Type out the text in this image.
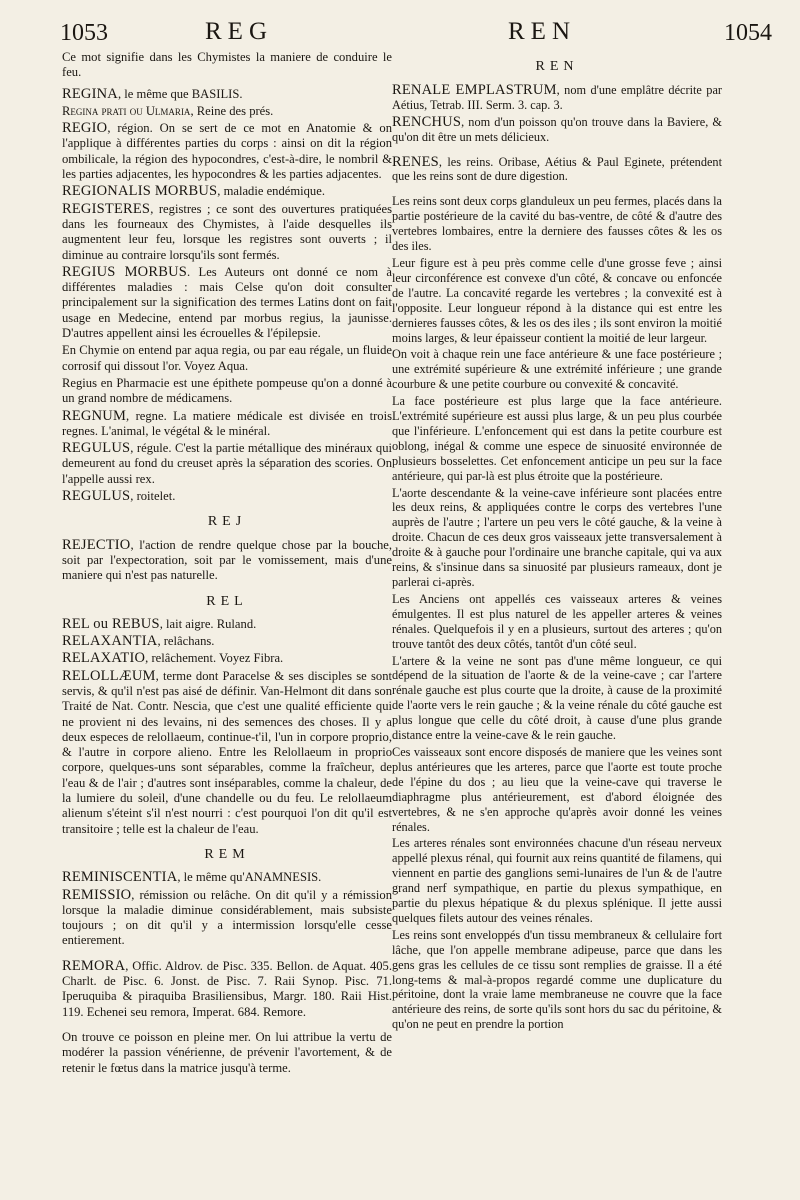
1053	REG	REN	1054

Ce mot signifie dans les Chymistes la maniere de conduire le feu.

REGINA, le même que BASILIS.

Regina prati ou Ulmaria, Reine des prés.

REGIO, région. On se sert de ce mot en Anatomie & on l'applique à différentes parties du corps : ainsi on dit la région ombilicale, la région des hypocondres, c'est-à-dire, le nombril & les parties adjacentes, les hypocondres & les parties adjacentes.

REGIONALIS MORBUS, maladie endémique.

REGISTERES, registres ; ce sont des ouvertures pratiquées dans les fourneaux des Chymistes, à l'aide desquelles ils augmentent leur feu, lorsque les registres sont ouverts ; il diminue au contraire lorsqu'ils sont fermés.

REGIUS MORBUS. Les Auteurs ont donné ce nom à différentes maladies : mais Celse qu'on doit consulter principalement sur la signification des termes Latins dont on fait usage en Medecine, entend par morbus regius, la jaunisse. D'autres appellent ainsi les écrouelles & l'épilepsie.

En Chymie on entend par aqua regia, ou par eau régale, un fluide corrosif qui dissout l'or. Voyez Aqua.

Regius en Pharmacie est une épithete pompeuse qu'on a donné à un grand nombre de médicamens.

REGNUM, regne. La matiere médicale est divisée en trois regnes. L'animal, le végétal & le minéral.

REGULUS, régule. C'est la partie métallique des minéraux qui demeurent au fond du creuset après la séparation des scories. On l'appelle aussi rex.

REGULUS, roitelet.

REJ

REJECTIO, l'action de rendre quelque chose par la bouche, soit par l'expectoration, soit par le vomissement, mais d'une maniere qui n'est pas naturelle.

REL

REL ou REBUS, lait aigre. Ruland.

RELAXANTIA, relâchans.

RELAXATIO, relâchement. Voyez Fibra.

RELOLLÆUM, terme dont Paracelse & ses disciples se sont servis, & qu'il n'est pas aisé de définir. Van-Helmont dit dans son Traité de Nat. Contr. Nescia, que c'est une qualité efficiente qui ne provient ni des levains, ni des semences des choses. Il y a deux especes de relollaeum, continue-t'il, l'un in corpore proprio, & l'autre in corpore alieno. Entre les Relollaeum in proprio corpore, quelques-uns sont séparables, comme la fraîcheur, de l'eau & de l'air ; d'autres sont inséparables, comme la chaleur, de la lumiere du soleil, d'une chandelle ou du feu. Le relollaeum alienum s'éteint s'il n'est nourri : c'est pourquoi l'on dit qu'il est transitoire ; telle est la chaleur de l'eau.

REM

REMINISCENTIA, le même qu'ANAMNESIS.

REMISSIO, rémission ou relâche. On dit qu'il y a rémission lorsque la maladie diminue considérablement, mais subsiste toujours ; on dit qu'il y a intermission lorsqu'elle cesse entierement.

REMORA, Offic. Aldrov. de Pisc. 335. Bellon. de Aquat. 405. Charlt. de Pisc. 6. Jonst. de Pisc. 7. Raii Synop. Pisc. 71. Iperuquiba & piraquiba Brasiliensibus, Margr. 180. Raii Hist. 119. Echenei seu remora, Imperat. 684. Remore.

On trouve ce poisson en pleine mer. On lui attribue la vertu de modérer la passion vénérienne, de prévenir l'avortement, & de retenir le fœtus dans la matrice jusqu'à terme.

REN

RENALE EMPLASTRUM, nom d'une emplâtre décrite par Aétius, Tetrab. III. Serm. 3. cap. 3.

RENCHUS, nom d'un poisson qu'on trouve dans la Baviere, & qu'on dit être un mets délicieux.

RENES, les reins. Oribase, Aétius & Paul Eginete, prétendent que les reins sont de dure digestion.

Les reins sont deux corps glanduleux un peu fermes, placés dans la partie postérieure de la cavité du bas-ventre, de côté & d'autre des vertebres lombaires, entre la derniere des fausses côtes & les os des iles.

Leur figure est à peu près comme celle d'une grosse feve ; ainsi leur circonférence est convexe d'un côté, & concave ou enfoncée de l'autre. La concavité regarde les vertebres ; la convexité est à l'opposite. Leur longueur répond à la distance qui est entre les dernieres fausses côtes, & les os des iles ; ils sont environ la moitié moins larges, & leur épaisseur contient la moitié de leur largeur.

On voit à chaque rein une face antérieure & une face postérieure ; une extrémité supérieure & une extrémité inférieure ; une grande courbure & une petite courbure ou convexité & concavité.

La face postérieure est plus large que la face antérieure. L'extrémité supérieure est aussi plus large, & un peu plus courbée que l'inférieure. L'enfoncement qui est dans la petite courbure est oblong, inégal & comme une espece de sinuosité environnée de plusieurs bosselettes. Cet enfoncement anticipe un peu sur la face antérieure, qui par-là est plus étroite que la postérieure.

L'aorte descendante & la veine-cave inférieure sont placées entre les deux reins, & appliquées contre le corps des vertebres l'une auprès de l'autre ; l'artere un peu vers le côté gauche, & la veine à droite. Chacun de ces deux gros vaisseaux jette transversalement à droite & à gauche pour l'ordinaire une branche capitale, qui va aux reins, & s'insinue dans sa sinuosité par plusieurs rameaux, dont je parlerai ci-après.

Les Anciens ont appellés ces vaisseaux arteres & veines émulgentes. Il est plus naturel de les appeller arteres & veines rénales. Quelquefois il y en a plusieurs, surtout des arteres ; qu'on trouve tantôt des deux côtés, tantôt d'un côté seul.

L'artere & la veine ne sont pas d'une même longueur, ce qui dépend de la situation de l'aorte & de la veine-cave ; car l'artere rénale gauche est plus courte que la droite, à cause de la proximité de l'aorte vers le rein gauche ; & la veine rénale du côté gauche est plus longue que celle du côté droit, à cause d'une plus grande distance entre la veine-cave & le rein gauche.

Ces vaisseaux sont encore disposés de maniere que les veines sont plus antérieures que les arteres, parce que l'aorte est toute proche de l'épine du dos ; au lieu que la veine-cave qui traverse le diaphragme plus antérieurement, est d'abord éloignée des vertebres, & ne s'en approche qu'après avoir donné les veines rénales.

Les arteres rénales sont environnées chacune d'un réseau nerveux appellé plexus rénal, qui fournit aux reins quantité de filamens, qui viennent en partie des ganglions semi-lunaires de l'un & de l'autre grand nerf sympathique, en partie du plexus sympathique, en partie du plexus hépatique & du plexus splénique. Il jette aussi quelques filets autour des veines rénales.

Les reins sont enveloppés d'un tissu membraneux & cellulaire fort lâche, que l'on appelle membrane adipeuse, parce que dans les gens gras les cellules de ce tissu sont remplies de graisse. Il a été long-tems & mal-à-propos regardé comme une duplicature du péritoine, dont la vraie lame membraneuse ne couvre que la face antérieure des reins, de sorte qu'ils sont hors du sac du péritoine, & qu'on ne peut en prendre la portion
